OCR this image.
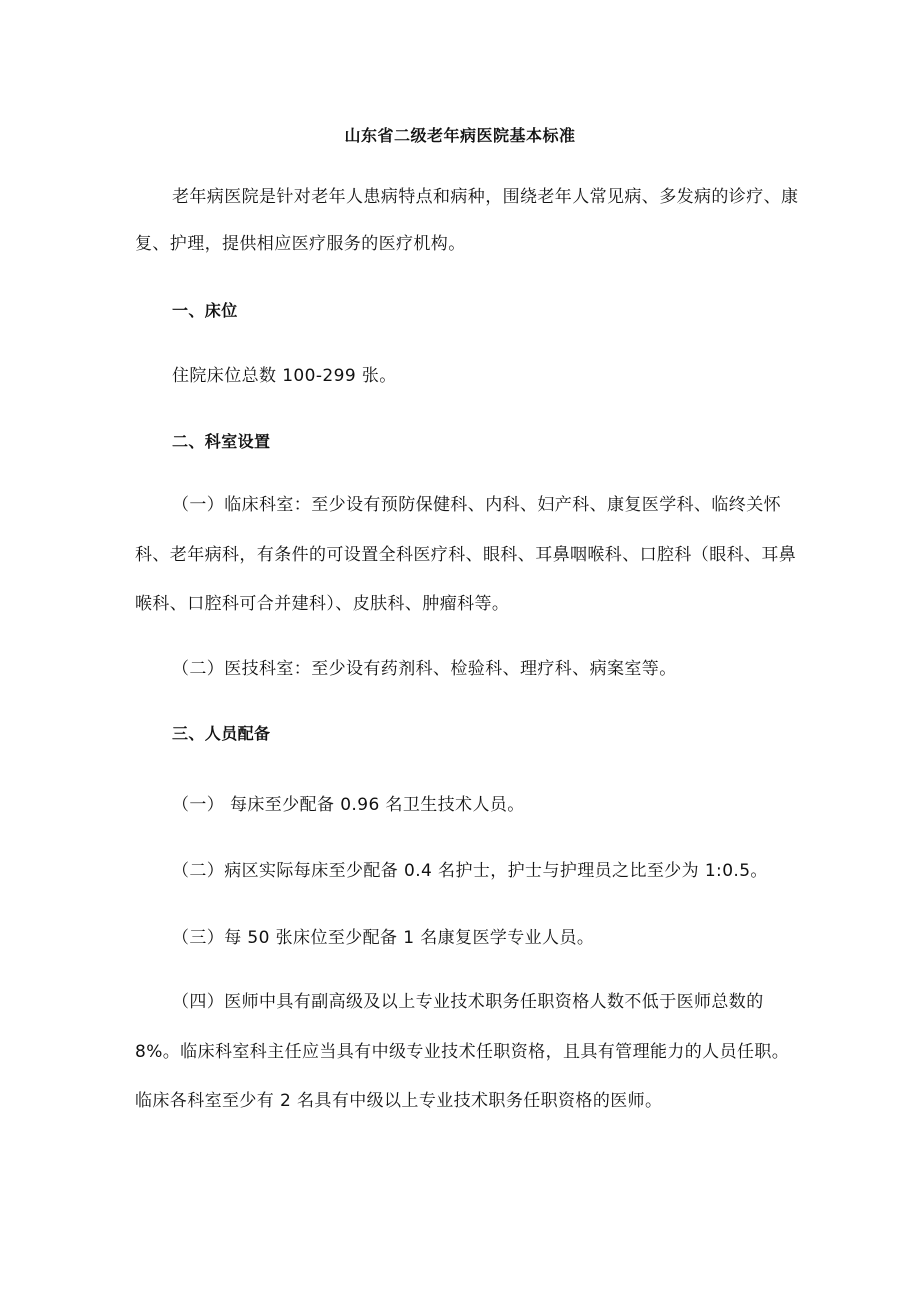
山东省二级老年病医院基本标准
老年病医院是针对老年人患病特点和病种，围绕老年人常见病、多发病的诊疗、康
复、护理，提供相应医疗服务的医疗机构。
一、床位
住院床位总数 100-299 张。
二、科室设置
（一）临床科室：至少设有预防保健科、内科、妇产科、康复医学科、临终关怀
科、老年病科，有条件的可设置全科医疗科、眼科、耳鼻咽喉科、口腔科（眼科、耳鼻
喉科、口腔科可合并建科）、皮肤科、肿瘤科等。
（二）医技科室：至少设有药剂科、检验科、理疗科、病案室等。
三、人员配备
（一） 每床至少配备 0.96 名卫生技术人员。
（二）病区实际每床至少配备 0.4 名护士，护士与护理员之比至少为 1:0.5。
（三）每 50 张床位至少配备 1 名康复医学专业人员。
（四）医师中具有副高级及以上专业技术职务任职资格人数不低于医师总数的
8%。临床科室科主任应当具有中级专业技术任职资格，且具有管理能力的人员任职。
临床各科室至少有 2 名具有中级以上专业技术职务任职资格的医师。
